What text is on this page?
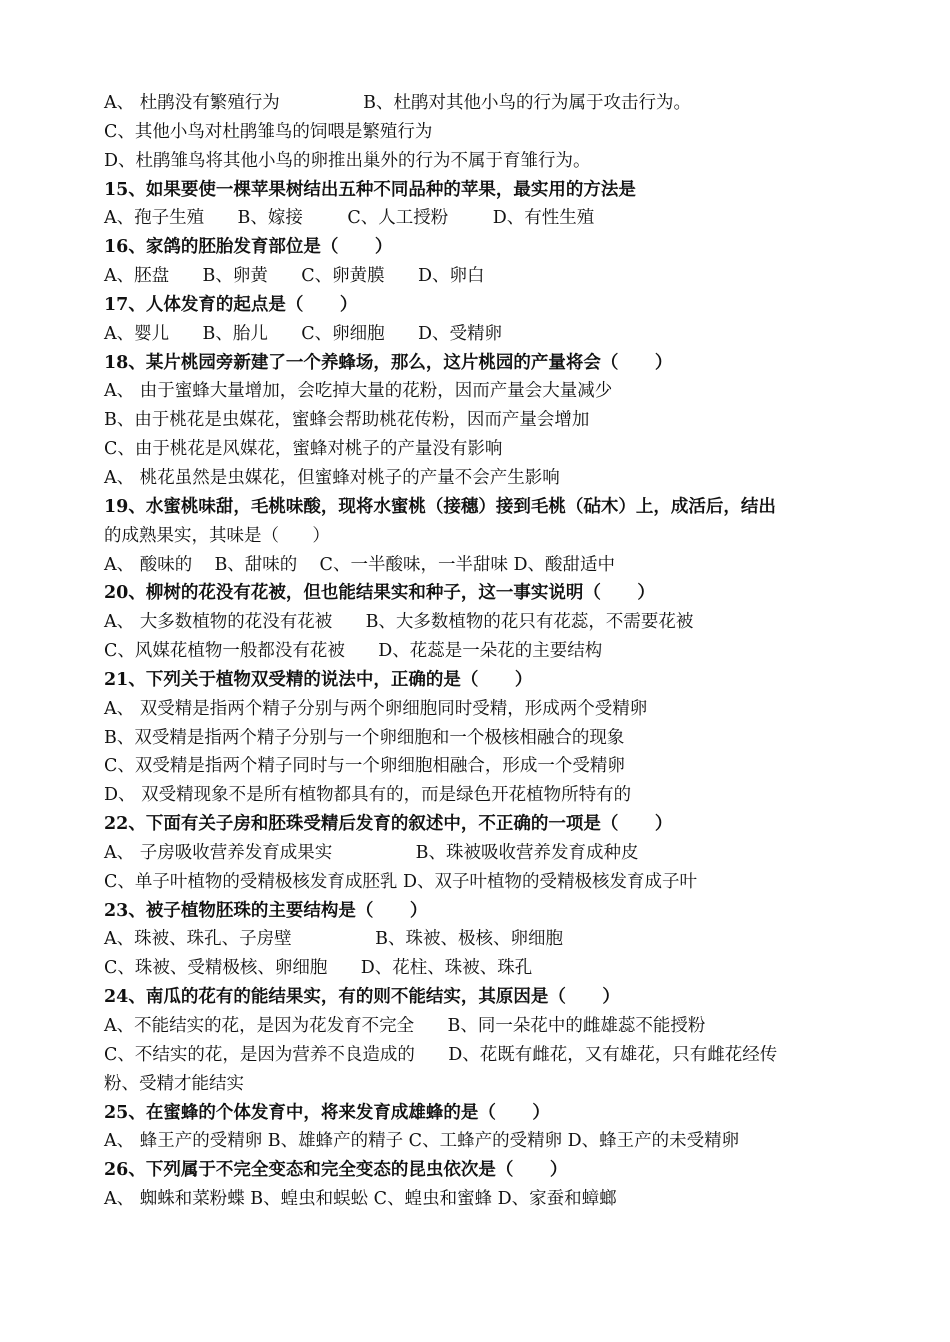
A、 杜鹃没有繁殖行为               B、杜鹃对其他小鸟的行为属于攻击行为。
C、其他小鸟对杜鹃雏鸟的饲喂是繁殖行为
D、杜鹃雏鸟将其他小鸟的卵推出巢外的行为不属于育雏行为。
15、如果要使一棵苹果树结出五种不同品种的苹果，最实用的方法是
A、孢子生殖      B、嫁接        C、人工授粉        D、有性生殖
16、家鸽的胚胎发育部位是（      ）
A、胚盘      B、卵黄      C、卵黄膜      D、卵白
17、人体发育的起点是（      ）
A、婴儿      B、胎儿      C、卵细胞      D、受精卵
18、某片桃园旁新建了一个养蜂场，那么，这片桃园的产量将会（      ）
A、 由于蜜蜂大量增加，会吃掉大量的花粉，因而产量会大量减少
B、由于桃花是虫媒花，蜜蜂会帮助桃花传粉，因而产量会增加
C、由于桃花是风媒花，蜜蜂对桃子的产量没有影响
A、 桃花虽然是虫媒花，但蜜蜂对桃子的产量不会产生影响
19、水蜜桃味甜，毛桃味酸，现将水蜜桃（接穗）接到毛桃（砧木）上，成活后，结出
的成熟果实，其味是（      ）
A、 酸味的    B、甜味的    C、一半酸味，一半甜味 D、酸甜适中
20、柳树的花没有花被，但也能结果实和种子，这一事实说明（      ）
A、 大多数植物的花没有花被      B、大多数植物的花只有花蕊，不需要花被
C、风媒花植物一般都没有花被      D、花蕊是一朵花的主要结构
21、下列关于植物双受精的说法中，正确的是（      ）
A、 双受精是指两个精子分别与两个卵细胞同时受精，形成两个受精卵
B、双受精是指两个精子分别与一个卵细胞和一个极核相融合的现象
C、双受精是指两个精子同时与一个卵细胞相融合，形成一个受精卵
D、 双受精现象不是所有植物都具有的，而是绿色开花植物所特有的
22、下面有关子房和胚珠受精后发育的叙述中，不正确的一项是（      ）
A、 子房吸收营养发育成果实               B、珠被吸收营养发育成种皮
C、单子叶植物的受精极核发育成胚乳 D、双子叶植物的受精极核发育成子叶
23、被子植物胚珠的主要结构是（      ）
A、珠被、珠孔、子房壁               B、珠被、极核、卵细胞
C、珠被、受精极核、卵细胞      D、花柱、珠被、珠孔
24、南瓜的花有的能结果实，有的则不能结实，其原因是（      ）
A、不能结实的花，是因为花发育不完全      B、同一朵花中的雌雄蕊不能授粉
C、不结实的花，是因为营养不良造成的      D、花既有雌花，又有雄花，只有雌花经传
粉、受精才能结实
25、在蜜蜂的个体发育中，将来发育成雄蜂的是（      ）
A、 蜂王产的受精卵 B、雄蜂产的精子 C、工蜂产的受精卵 D、蜂王产的未受精卵
26、下列属于不完全变态和完全变态的昆虫依次是（      ）
A、 蜘蛛和菜粉蝶 B、蝗虫和蜈蚣 C、蝗虫和蜜蜂 D、家蚕和蟑螂
